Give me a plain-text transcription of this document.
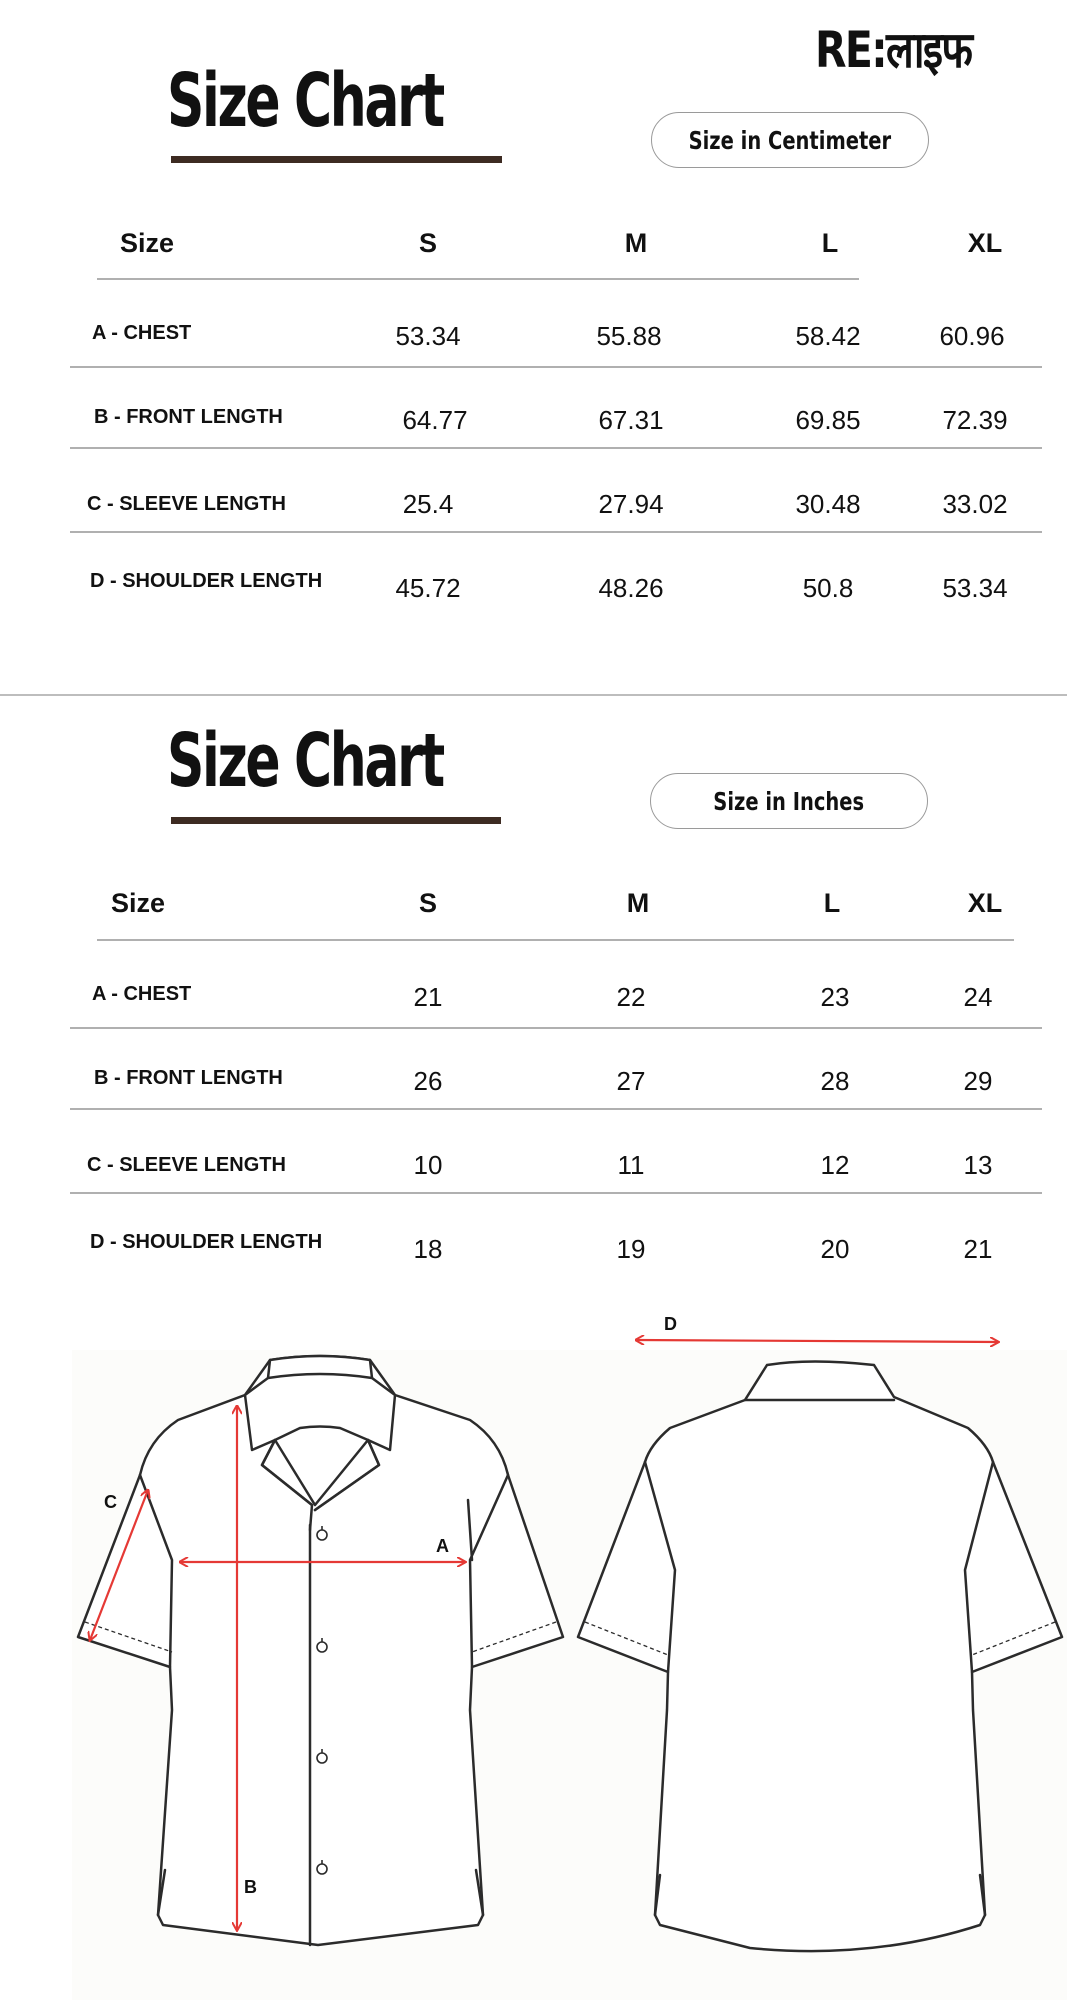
RE:लाइफ
Size Chart	Size in Centimeter
Size	S	M	L	XL
A - CHEST	53.34	55.88	58.42	60.96
B - FRONT LENGTH	64.77	67.31	69.85	72.39
C - SLEEVE LENGTH	25.4	27.94	30.48	33.02
D - SHOULDER LENGTH	45.72	48.26	50.8	53.34
Size Chart	Size in Inches
Size	S	M	L	XL
A - CHEST	21	22	23	24
B - FRONT LENGTH	26	27	28	29
C - SLEEVE LENGTH	10	11	12	13
D - SHOULDER LENGTH	18	19	20	21
A
B
C
D
